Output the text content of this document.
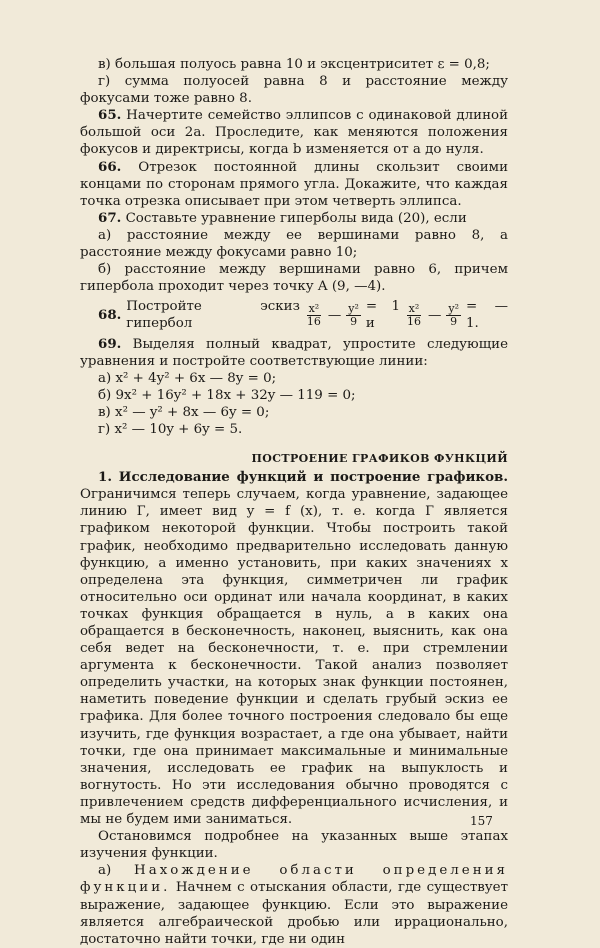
в) большая полуось равна 10 и эксцентриситет ε = 0,8;

г) сумма полуосей равна 8 и расстояние между фокусами тоже равно 8.

65. Начертите семейство эллипсов с одинаковой длиной большой оси 2a. Проследите, как меняются положения фокусов и директрисы, когда b изменяется от a до нуля.

66. Отрезок постоянной длины скользит своими концами по сторонам прямого угла. Докажите, что каждая точка отрезка описывает при этом четверть эллипса.

67. Составьте уравнение гиперболы вида (20), если

а) расстояние между ее вершинами равно 8, а расстояние между фокусами равно 10;

б) расстояние между вершинами равно 6, причем гипербола проходит через точку A (9, —4).

68.
Постройте эскиз гипербол	$\frac{\text{x²}}{16}$ — $\frac{\text{y²}}{9} = 1$ и	$\frac{\text{x²}}{16}$ — $\frac{\text{y²}}{9}$ = — 1.

69. Выделяя полный квадрат, упростите следующие уравнения и постройте соответствующие линии:

а) x² + 4y² + 6x — 8y = 0;

б) 9x² + 16y² + 18x + 32y — 119 = 0;

в) x² — y² + 8x — 6y = 0;

г) x² — 10y + 6y = 5.

ПОСТРОЕНИЕ ГРАФИКОВ ФУНКЦИЙ

1. Исследование функций и построение графиков. Ограничимся теперь случаем, когда уравнение, задающее линию Г, имеет вид y = f (x), т. е. когда Г является графиком некоторой функции. Чтобы построить такой график, необходимо предварительно исследовать данную функцию, а именно установить, при каких значениях x определена эта функция, симметричен ли график относительно оси ординат или начала координат, в каких точках функция обращается в нуль, а в каких она обращается в бесконечность, наконец, выяснить, как она себя ведет на бесконечности, т. е. при стремлении аргумента к бесконечности. Такой анализ позволяет определить участки, на которых знак функции постоянен, наметить поведение функции и сделать грубый эскиз ее графика. Для более точного построения следовало бы еще изучить, где функция возрастает, а где она убывает, найти точки, где она принимает максимальные и минимальные значения, исследовать ее график на выпуклость и вогнутость. Но эти исследования обычно проводятся с привлечением средств дифференциального исчисления, и мы не будем ими заниматься.

Остановимся подробнее на указанных выше этапах изучения функции.

а) Нахождение области определения функции. Начнем с отыскания области, где существует выражение, задающее функцию. Если это выражение является алгебраической дробью или иррационально, достаточно найти точки, где ни один

157
